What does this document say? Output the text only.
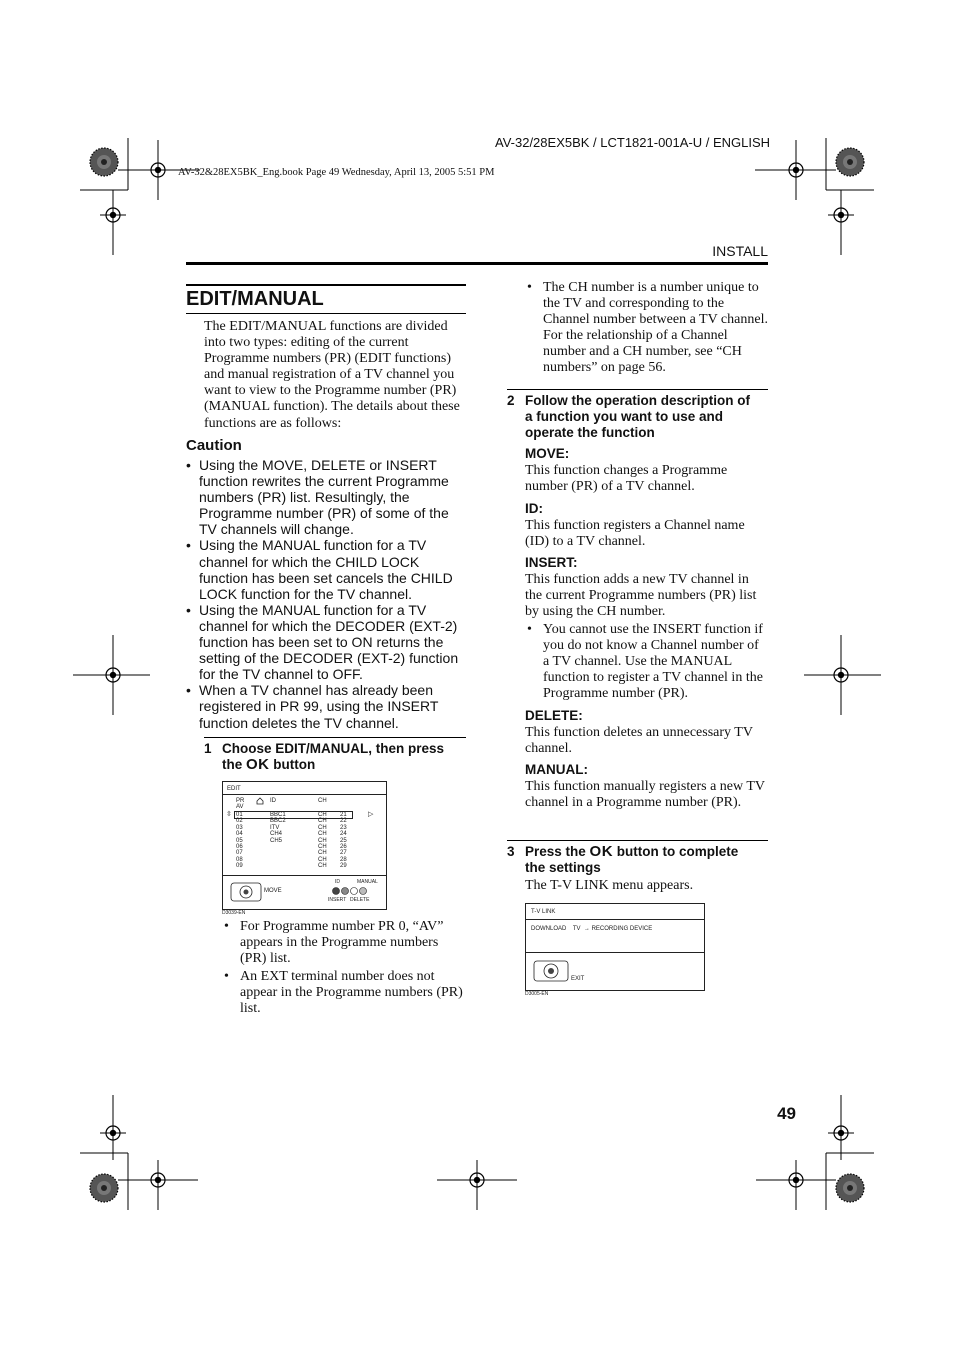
AV-32/28EX5BK / LCT1821-001A-U / ENGLISH
AV-32&28EX5BK_Eng.book Page 49 Wednesday, April 13, 2005 5:51 PM
INSTALL
EDIT/MANUAL
The EDIT/MANUAL functions are divided into two types: editing of the current Programme numbers (PR) (EDIT functions) and manual registration of a TV channel you want to view to the Programme number (PR) (MANUAL function). The details about these functions are as follows:
Caution
• Using the MOVE, DELETE or INSERT function rewrites the current Programme numbers (PR) list. Resultingly, the Programme number (PR) of some of the TV channels will change.
• Using the MANUAL function for a TV channel for which the CHILD LOCK function has been set cancels the CHILD LOCK function for the TV channel.
• Using the MANUAL function for a TV channel for which the DECODER (EXT-2) function has been set to ON returns the setting of the DECODER (EXT-2) function for the TV channel to OFF.
• When a TV channel has already been registered in PR 99, using the INSERT function deletes the TV channel.
1 Choose EDIT/MANUAL, then press
the OK button
EDIT
PR
AV
ID	CH
⇳	▷
01	BBC1	CH 21
02	BBC2	CH 22
03	ITV	CH 23
04	CH4	CH 24
05	CH5	CH 25
06	CH 26
07	CH 27
08	CH 28
09	CH 29
MOVE
ID	MANUAL
INSERT DELETE
D3039-EN
• For Programme number PR 0, “AV” appears in the Programme numbers (PR) list.
• An EXT terminal number does not appear in the Programme numbers (PR) list.
• The CH number is a number unique to the TV and corresponding to the Channel number between a TV channel. For the relationship of a Channel number and a CH number, see “CH numbers” on page 56.
2 Follow the operation description of
a function you want to use and
operate the function
MOVE:
This function changes a Programme number (PR) of a TV channel.
ID:
This function registers a Channel name (ID) to a TV channel.
INSERT:
This function adds a new TV channel in the current Programme numbers (PR) list by using the CH number.
• You cannot use the INSERT function if you do not know a Channel number of a TV channel. Use the MANUAL function to register a TV channel in the Programme number (PR).
DELETE:
This function deletes an unnecessary TV channel.
MANUAL:
This function manually registers a new TV channel in a Programme number (PR).
3 Press the OK button to complete
the settings
The T-V LINK menu appears.
T-V LINK
DOWNLOAD    TV  → RECORDING DEVICE
EXIT
D3005-EN
49
